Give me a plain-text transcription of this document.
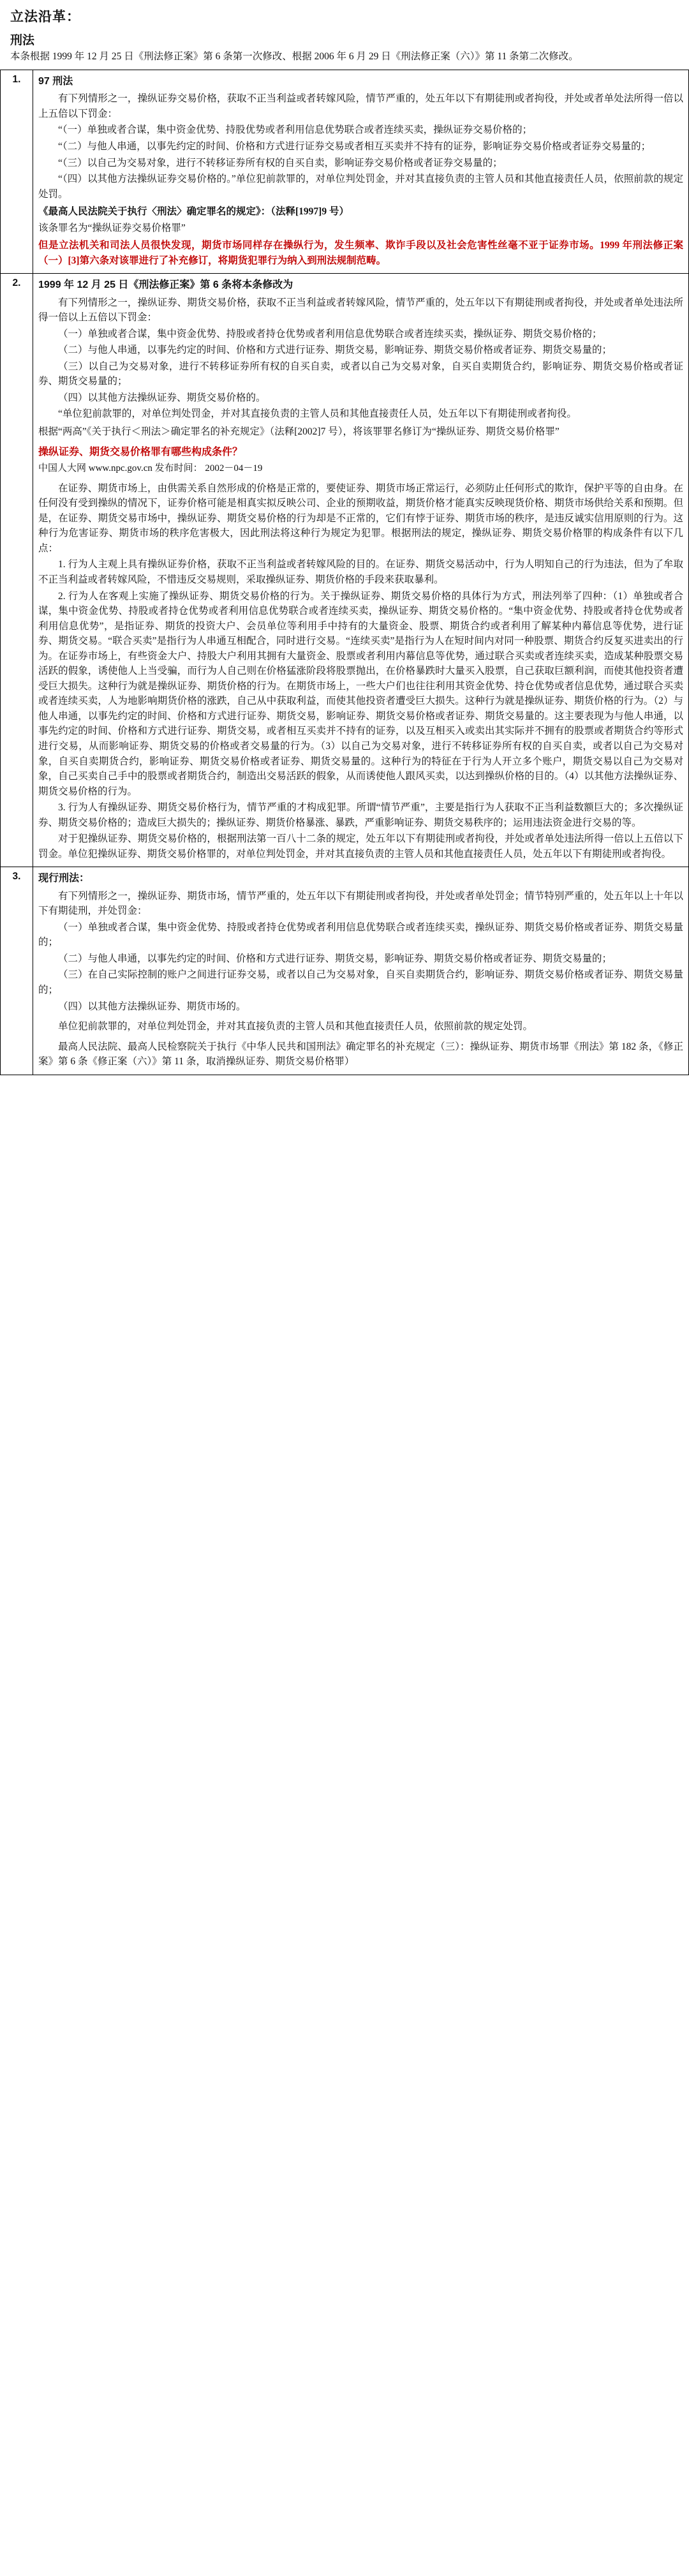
立法沿革：
刑法
本条根据 1999 年 12 月 25 日《刑法修正案》第 6 条第一次修改、根据 2006 年 6 月 29 日《刑法修正案（六）》第 11 条第二次修改。
1.	97 刑法

有下列情形之一，操纵证券交易价格，获取不正当利益或者转嫁风险，情节严重的，处五年以下有期徒刑或者拘役，并处或者单处法所得一倍以上五倍以下罚金：

“（一）单独或者合谋，集中资金优势、持股优势或者利用信息优势联合或者连续买卖，操纵证券交易价格的；

“（二）与他人串通，以事先约定的时间、价格和方式进行证券交易或者相互买卖并不持有的证券，影响证券交易价格或者证券交易量的；

“（三）以自己为交易对象，进行不转移证券所有权的自买自卖，影响证券交易价格或者证券交易量的；

“（四）以其他方法操纵证券交易价格的。”单位犯前款罪的，对单位判处罚金，并对其直接负责的主管人员和其他直接责任人员，依照前款的规定处罚。

《最高人民法院关于执行〈刑法〉确定罪名的规定》：（法释[1997]9 号）

该条罪名为“操纵证券交易价格罪”

但是立法机关和司法人员很快发现，期货市场同样存在操纵行为，发生频率、欺诈手段以及社会危害性丝毫不亚于证券市场。1999 年刑法修正案（一）[3]第六条对该罪进行了补充修订，将期货犯罪行为纳入到刑法规制范畴。

2.	1999 年 12 月 25 日《刑法修正案》第 6 条将本条修改为

有下列情形之一，操纵证券、期货交易价格，获取不正当利益或者转嫁风险，情节严重的，处五年以下有期徒刑或者拘役，并处或者单处违法所得一倍以上五倍以下罚金：

（一）单独或者合谋，集中资金优势、持股或者持仓优势或者利用信息优势联合或者连续买卖，操纵证券、期货交易价格的；

（二）与他人串通，以事先约定的时间、价格和方式进行证券、期货交易，影响证券、期货交易价格或者证券、期货交易量的；

（三）以自己为交易对象，进行不转移证券所有权的自买自卖，或者以自己为交易对象，自买自卖期货合约，影响证券、期货交易价格或者证券、期货交易量的；

（四）以其他方法操纵证券、期货交易价格的。

“单位犯前款罪的，对单位判处罚金，并对其直接负责的主管人员和其他直接责任人员，处五年以下有期徒刑或者拘役。

根据“两高”《关于执行＜刑法＞确定罪名的补充规定》（法释[2002]7 号），将该罪罪名修订为“操纵证券、期货交易价格罪”

操纵证券、期货交易价格罪有哪些构成条件？

中国人大网 www.npc.gov.cn 发布时间： 2002－04－19

在证券、期货市场上，由供需关系自然形成的价格是正常的，要使证券、期货市场正常运行，必须防止任何形式的欺诈，保护平等的自由身。在任何没有受到操纵的情况下，证券价格可能是相真实拟反映公司、企业的预期收益，期货价格才能真实反映现货价格、期货市场供给关系和预期。但是，在证券、期货交易市场中，操纵证券、期货交易价格的行为却是不正常的，它们有悖于证券、期货市场的秩序，是违反诚实信用原则的行为。这种行为危害证券、期货市场的秩序危害极大，因此刑法将这种行为规定为犯罪。根据刑法的规定，操纵证券、期货交易价格罪的构成条件有以下几点：

1. 行为人主观上具有操纵证券价格，获取不正当利益或者转嫁风险的目的。在证券、期货交易活动中，行为人明知自己的行为违法，但为了牟取不正当利益或者转嫁风险，不惜违反交易规则，采取操纵证券、期货价格的手段来获取暴利。

2. 行为人在客观上实施了操纵证券、期货交易价格的行为。关于操纵证券、期货交易价格的具体行为方式，刑法列举了四种：（1）单独或者合谋，集中资金优势、持股或者持仓优势或者利用信息优势联合或者连续买卖，操纵证券、期货交易价格的。“集中资金优势、持股或者持仓优势或者利用信息优势”，是指证券、期货的投资大户、会员单位等利用手中持有的大量资金、股票、期货合约或者利用了解某种内幕信息等优势，进行证券、期货交易。“联合买卖”是指行为人串通互相配合，同时进行交易。“连续买卖”是指行为人在短时间内对同一种股票、期货合约反复买进卖出的行为。在证券市场上，有些资金大户、持股大户利用其拥有大量资金、股票或者利用内幕信息等优势，通过联合买卖或者连续买卖，造成某种股票交易活跃的假象，诱使他人上当受骗，而行为人自己则在价格猛涨阶段将股票抛出，在价格暴跌时大量买入股票，自己获取巨额利润，而使其他投资者遭受巨大损失。这种行为就是操纵证券、期货价格的行为。在期货市场上，一些大户们也往往利用其资金优势、持仓优势或者信息优势，通过联合买卖或者连续买卖，人为地影响期货价格的涨跌，自己从中获取利益，而使其他投资者遭受巨大损失。这种行为就是操纵证券、期货价格的行为。（2）与他人串通，以事先约定的时间、价格和方式进行证券、期货交易，影响证券、期货交易价格或者证券、期货交易量的。这主要表现为与他人串通，以事先约定的时间、价格和方式进行证券、期货交易，或者相互买卖并不持有的证券，以及互相买入或卖出其实际并不拥有的股票或者期货合约等形式进行交易，从而影响证券、期货交易的价格或者交易量的行为。（3）以自己为交易对象，进行不转移证券所有权的自买自卖，或者以自己为交易对象，自买自卖期货合约，影响证券、期货交易价格或者证券、期货交易量的。这种行为的特征在于行为人开立多个账户，期货交易以自己为交易对象，自己买卖自己手中的股票或者期货合约，制造出交易活跃的假象，从而诱使他人跟风买卖，以达到操纵价格的目的。（4）以其他方法操纵证券、期货交易价格的行为。

3. 行为人有操纵证券、期货交易价格行为，情节严重的才构成犯罪。所谓“情节严重”，主要是指行为人获取不正当利益数额巨大的；多次操纵证券、期货交易价格的；造成巨大损失的；操纵证券、期货价格暴涨、暴跌，严重影响证券、期货交易秩序的；运用违法资金进行交易的等。

对于犯操纵证券、期货交易价格的，根据刑法第一百八十二条的规定，处五年以下有期徒刑或者拘役，并处或者单处违法所得一倍以上五倍以下罚金。单位犯操纵证券、期货交易价格罪的，对单位判处罚金，并对其直接负责的主管人员和其他直接责任人员，处五年以下有期徒刑或者拘役。

3.	现行刑法：

有下列情形之一，操纵证券、期货市场，情节严重的，处五年以下有期徒刑或者拘役，并处或者单处罚金；情节特别严重的，处五年以上十年以下有期徒刑，并处罚金：

（一）单独或者合谋，集中资金优势、持股或者持仓优势或者利用信息优势联合或者连续买卖，操纵证券、期货交易价格或者证券、期货交易量的；

（二）与他人串通，以事先约定的时间、价格和方式进行证券、期货交易，影响证券、期货交易价格或者证券、期货交易量的；

（三）在自己实际控制的账户之间进行证券交易，或者以自己为交易对象，自买自卖期货合约，影响证券、期货交易价格或者证券、期货交易量的；

（四）以其他方法操纵证券、期货市场的。

单位犯前款罪的，对单位判处罚金，并对其直接负责的主管人员和其他直接责任人员，依照前款的规定处罚。

最高人民法院、最高人民检察院关于执行《中华人民共和国刑法》确定罪名的补充规定（三）：操纵证券、期货市场罪《刑法》第 182 条，《修正案》第 6 条《修正案（六）》第 11 条，取消操纵证券、期货交易价格罪）
